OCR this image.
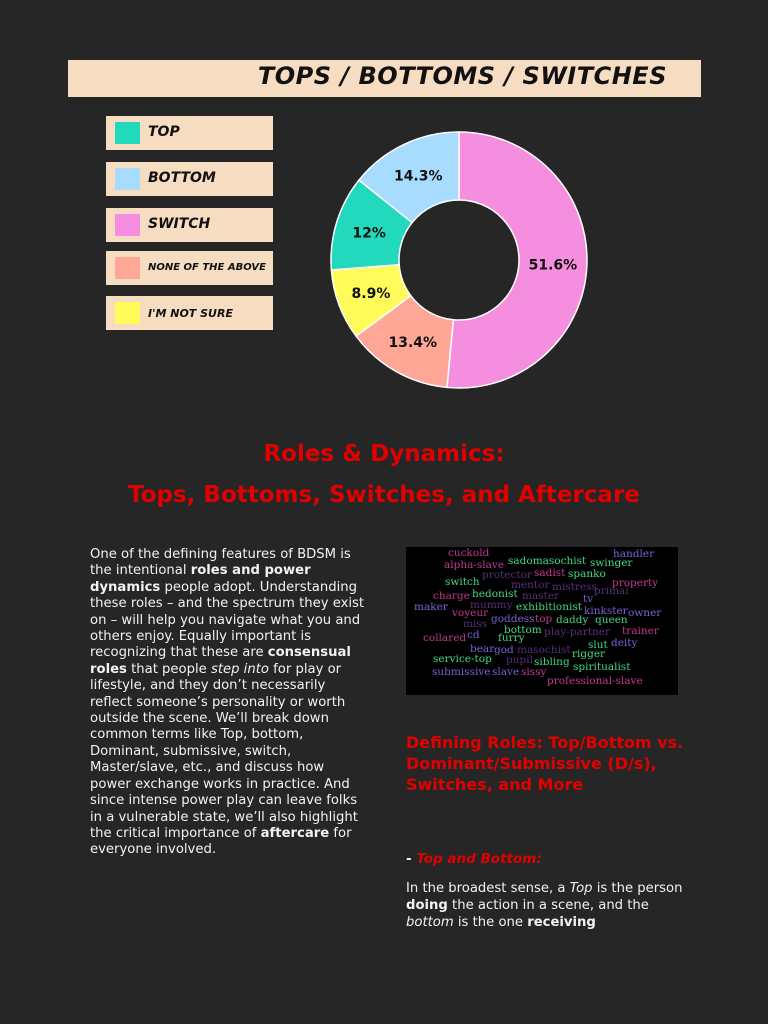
TOPS / BOTTOMS / SWITCHES
TOP
BOTTOM
SWITCH
NONE OF THE ABOVE
I'M NOT SURE
51.6%
13.4%
8.9%
12%
14.3%
Roles & Dynamics:
Tops, Bottoms, Switches, and Aftercare
One of the defining features of BDSM is the intentional roles and power dynamics people adopt. Understanding these roles – and the spectrum they exist on – will help you navigate what you and others enjoy. Equally important is recognizing that these are consensual roles that people step into for play or lifestyle, and they don’t necessarily reflect someone’s personality or worth outside the scene. We’ll break down common terms like Top, bottom, Dominant, submissive, switch, Master/slave, etc., and discuss how power exchange works in practice. And since intense power play can leave folks in a vulnerable state, we’ll also highlight the critical importance of aftercare for everyone involved.
cuckold
alpha-slave sadomasochist swinger
handler
switch
protector sadist spanko
property
mentor mistress
charge hedonist master tv
primal
maker mummy exhibitionist kinkster owner
voyeur
miss goddess top daddy queen
bottom play-partner trainer
collared cd furry
slut deity
bear god masochist rigger
service-top pupil sibling spiritualist
submissive slave sissy
professional-slave
Defining Roles: Top/Bottom vs. Dominant/Submissive (D/s), Switches, and More
- Top and Bottom:
In the broadest sense, a Top is the person doing the action in a scene, and the bottom is the one receiving
